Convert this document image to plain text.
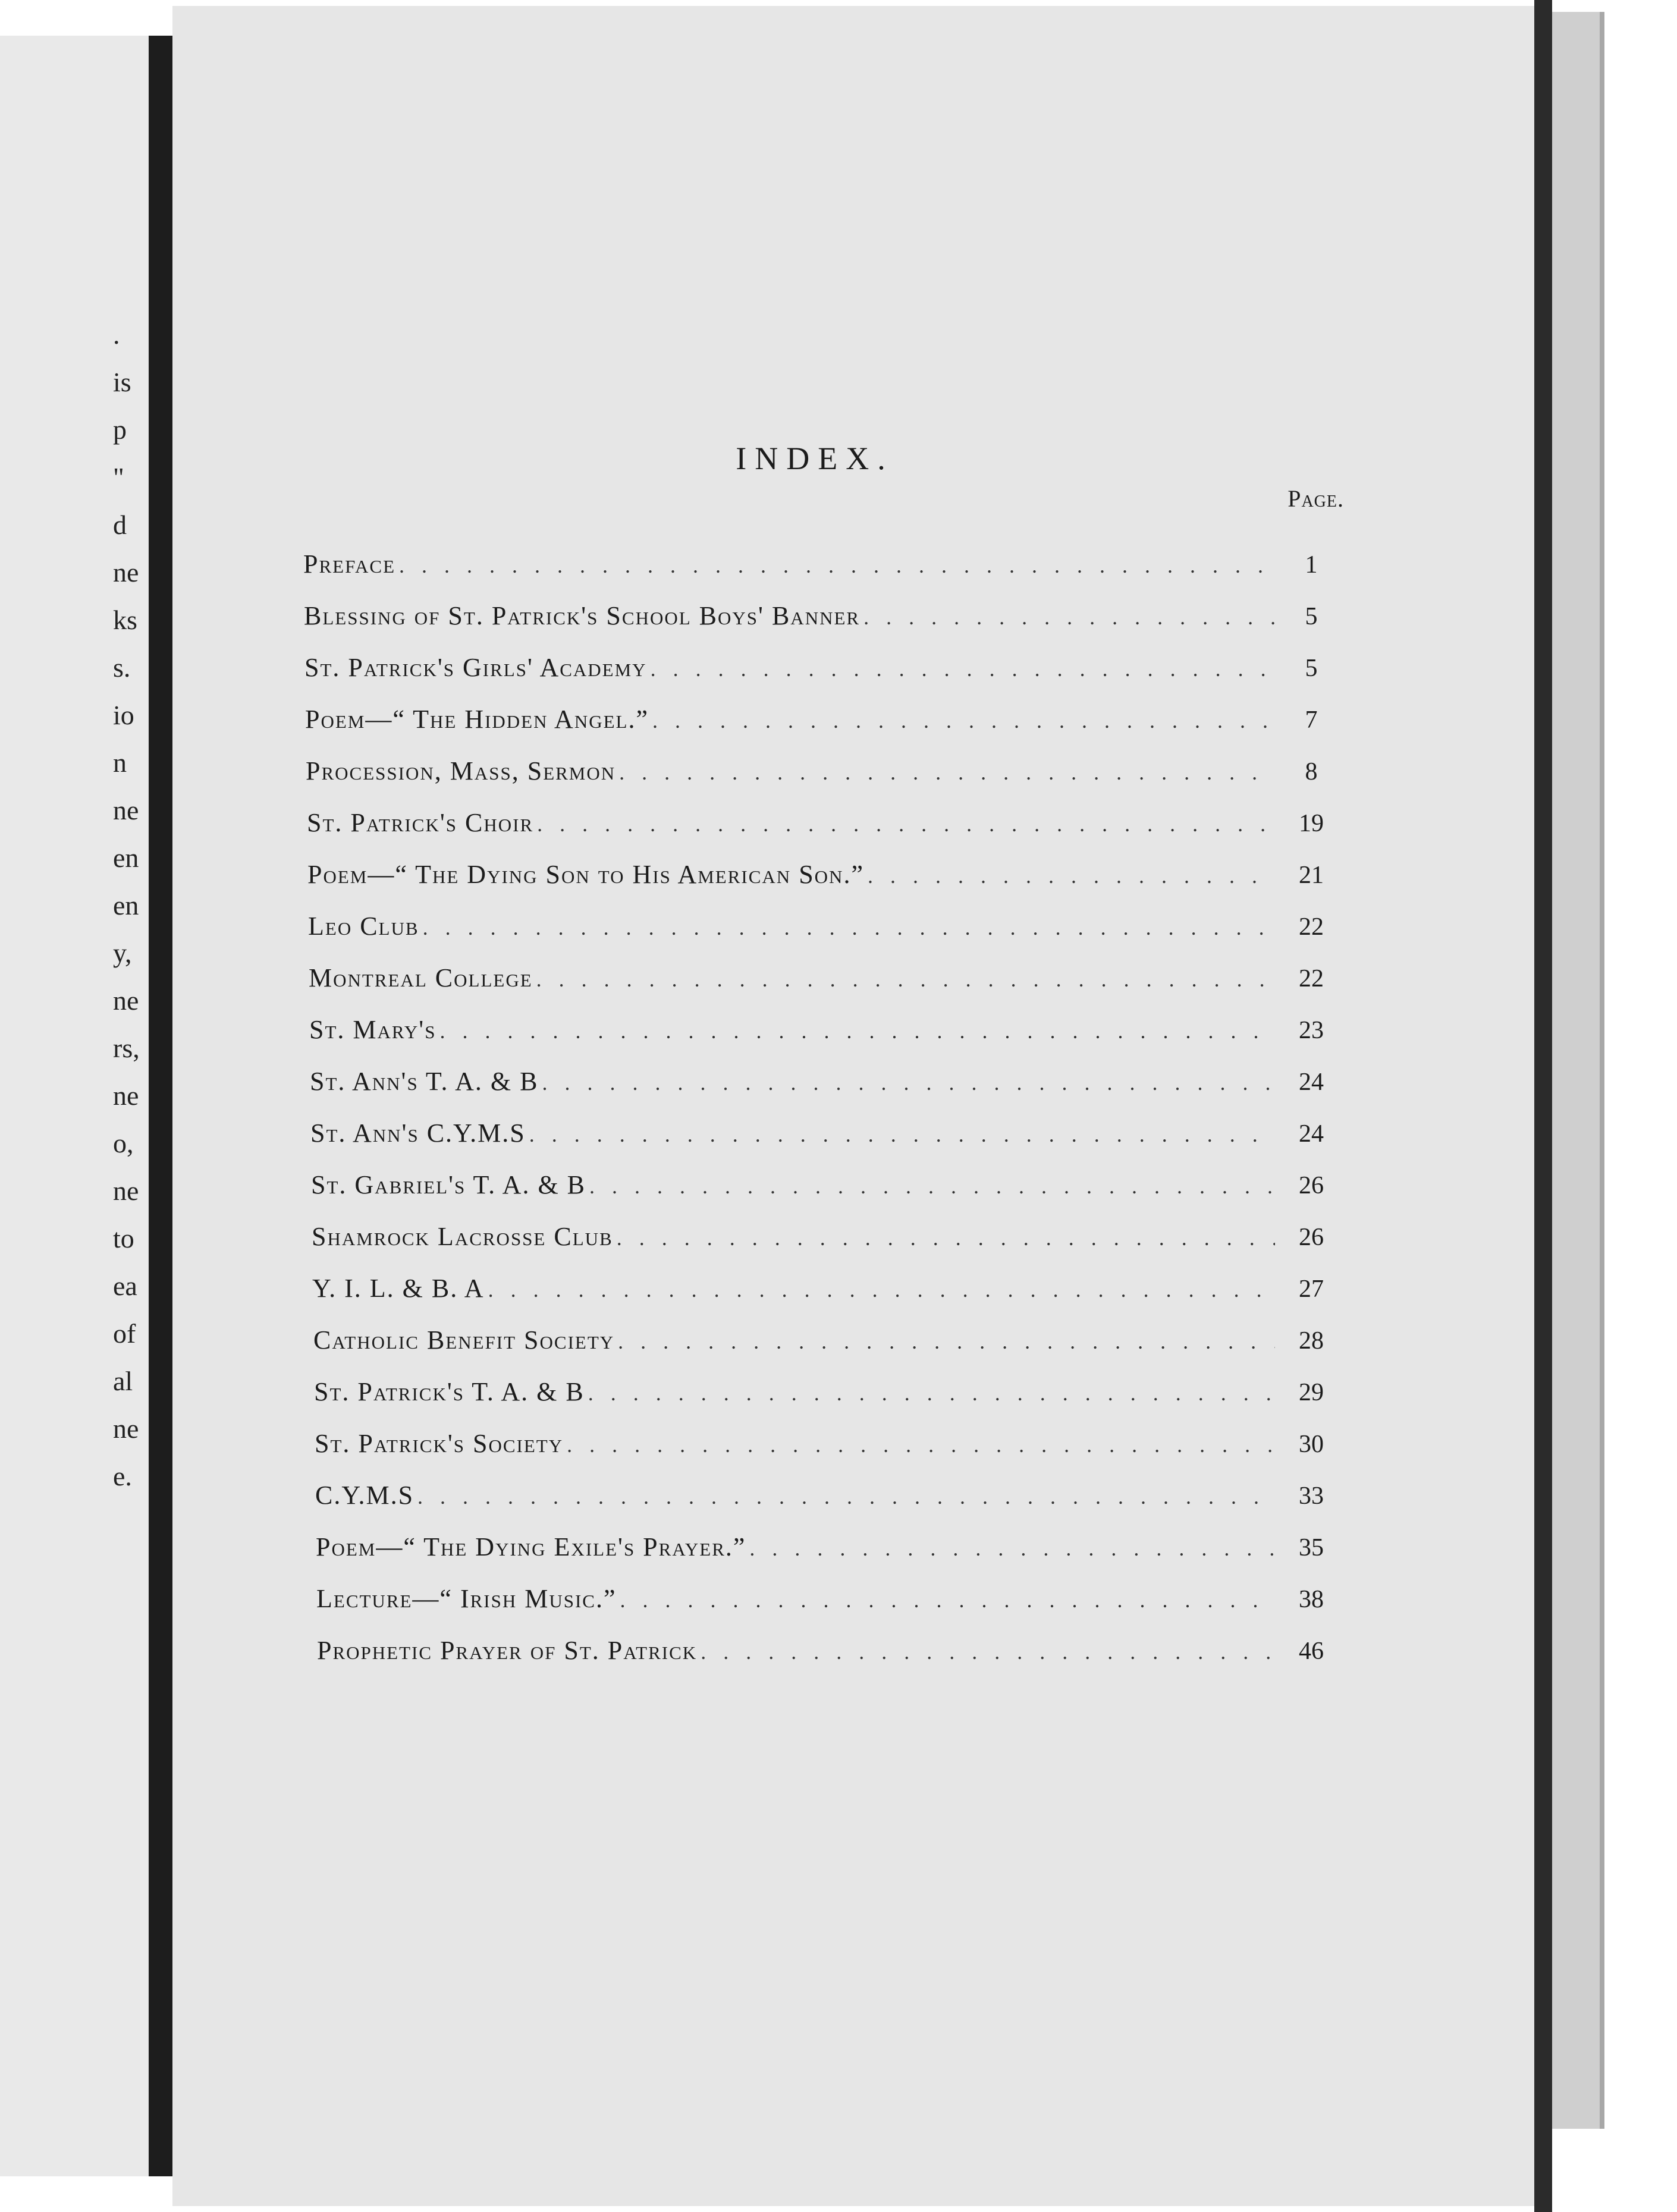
.
is
p
"
d
ne
ks
s.
io
n
ne
en
en
y,
ne
rs,
ne
o,
ne
to
ea
of
al
ne
e.
INDEX.
Page.
Preface . . .	1
Blessing of St. Patrick's School Boys' Banner . . .	5
St. Patrick's Girls' Academy . . .	5
Poem—“ The Hidden Angel.” . . .	7
Procession, Mass, Sermon . . .	8
St. Patrick's Choir . . .	19
Poem—“ The Dying Son to His American Son.” . . .	21
Leo Club . . .	22
Montreal College . . .	22
St. Mary's . . .	23
St. Ann's T. A. & B . . .	24
St. Ann's C.Y.M.S . . .	24
St. Gabriel's T. A. & B . . .	26
Shamrock Lacrosse Club . . .	26
Y. I. L. & B. A . . .	27
Catholic Benefit Society . . .	28
St. Patrick's T. A. & B . . .	29
St. Patrick's Society . . .	30
C.Y.M.S . . .	33
Poem—“ The Dying Exile's Prayer.” . . .	35
Lecture—“ Irish Music.” . . .	38
Prophetic Prayer of St. Patrick . . .	46
